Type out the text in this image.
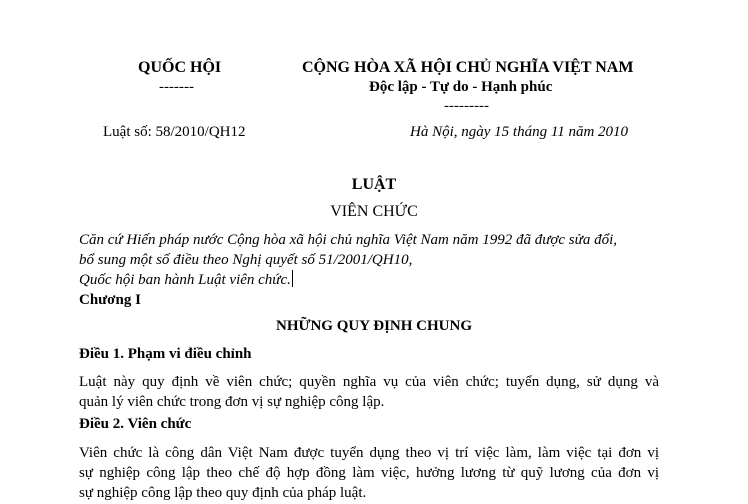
QUỐC HỘI
-------
CỘNG HÒA XÃ HỘI CHỦ NGHĨA VIỆT NAM
Độc lập - Tự do - Hạnh phúc
---------
Luật số: 58/2010/QH12	Hà Nội, ngày 15 tháng 11 năm 2010
LUẬT
VIÊN CHỨC
Căn cứ Hiến pháp nước Cộng hòa xã hội chủ nghĩa Việt Nam năm 1992 đã được sửa đổi,
bổ sung một số điều theo Nghị quyết số 51/2001/QH10,
Quốc hội ban hành Luật viên chức.
Chương I
NHỮNG QUY ĐỊNH CHUNG
Điều 1. Phạm vi điều chỉnh
Luật này quy định về viên chức; quyền nghĩa vụ của viên chức; tuyển dụng, sử dụng và
quản lý viên chức trong đơn vị sự nghiệp công lập.
Điều 2. Viên chức
Viên chức là công dân Việt Nam được tuyển dụng theo vị trí việc làm, làm việc tại đơn vị
sự nghiệp công lập theo chế độ hợp đồng làm việc, hưởng lương từ quỹ lương của đơn vị
sự nghiệp công lập theo quy định của pháp luật.
